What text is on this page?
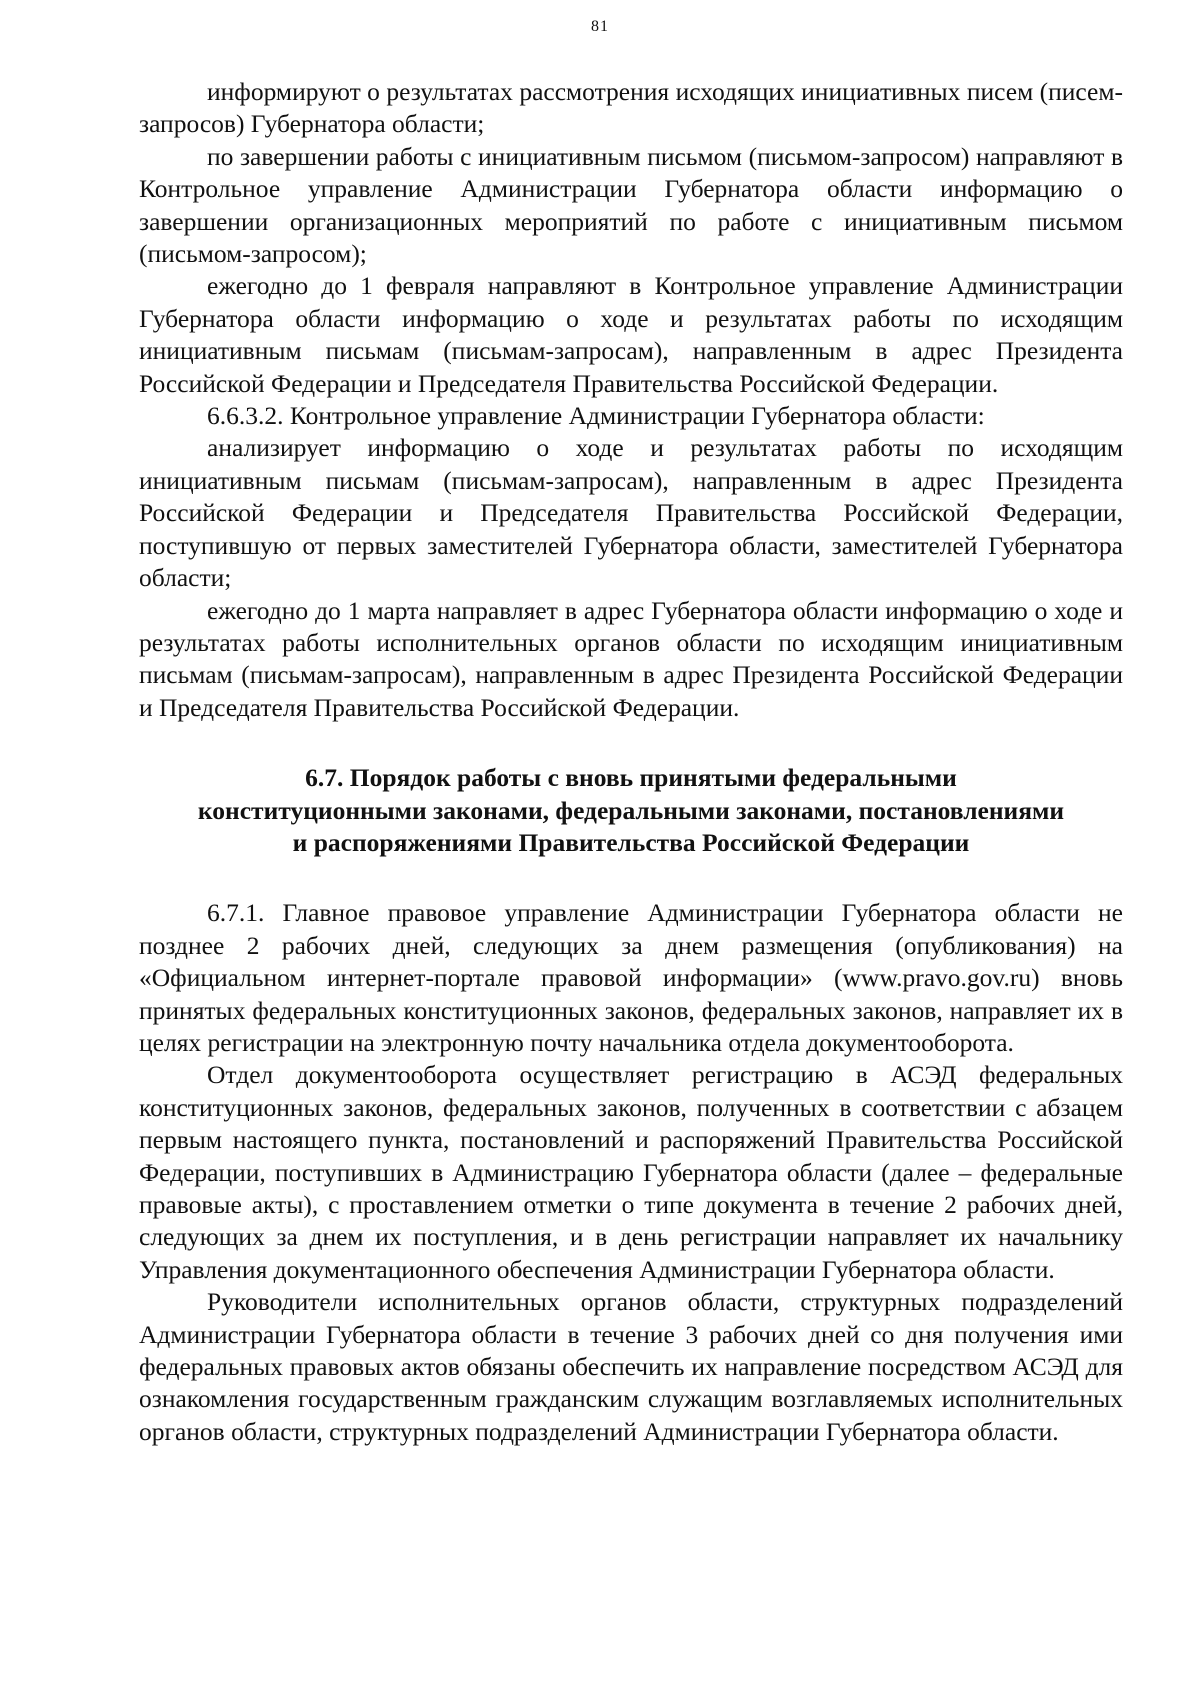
81

информируют о результатах рассмотрения исходящих инициативных писем (писем-запросов) Губернатора области;

по завершении работы с инициативным письмом (письмом-запросом) направляют в Контрольное управление Администрации Губернатора области информацию о завершении организационных мероприятий по работе с инициативным письмом (письмом-запросом);

ежегодно до 1 февраля направляют в Контрольное управление Администрации Губернатора области информацию о ходе и результатах работы по исходящим инициативным письмам (письмам-запросам), направленным в адрес Президента Российской Федерации и Председателя Правительства Российской Федерации.

6.6.3.2. Контрольное управление Администрации Губернатора области:

анализирует информацию о ходе и результатах работы по исходящим инициативным письмам (письмам-запросам), направленным в адрес Президента Российской Федерации и Председателя Правительства Российской Федерации, поступившую от первых заместителей Губернатора области, заместителей Губернатора области;

ежегодно до 1 марта направляет в адрес Губернатора области информацию о ходе и результатах работы исполнительных органов области по исходящим инициативным письмам (письмам-запросам), направленным в адрес Президента Российской Федерации и Председателя Правительства Российской Федерации.

6.7. Порядок работы с вновь принятыми федеральными
конституционными законами, федеральными законами, постановлениями
и распоряжениями Правительства Российской Федерации

6.7.1. Главное правовое управление Администрации Губернатора области не позднее 2 рабочих дней, следующих за днем размещения (опубликования) на «Официальном интернет-портале правовой информации» (www.pravo.gov.ru) вновь принятых федеральных конституционных законов, федеральных законов, направляет их в целях регистрации на электронную почту начальника отдела документооборота.

Отдел документооборота осуществляет регистрацию в АСЭД федеральных конституционных законов, федеральных законов, полученных в соответствии с абзацем первым настоящего пункта, постановлений и распоряжений Правительства Российской Федерации, поступивших в Администрацию Губернатора области (далее – федеральные правовые акты), с проставлением отметки о типе документа в течение 2 рабочих дней, следующих за днем их поступления, и в день регистрации направляет их начальнику Управления документационного обеспечения Администрации Губернатора области.

Руководители исполнительных органов области, структурных подразделений Администрации Губернатора области в течение 3 рабочих дней со дня получения ими федеральных правовых актов обязаны обеспечить их направление посредством АСЭД для ознакомления государственным гражданским служащим возглавляемых исполнительных органов области, структурных подразделений Администрации Губернатора области.
